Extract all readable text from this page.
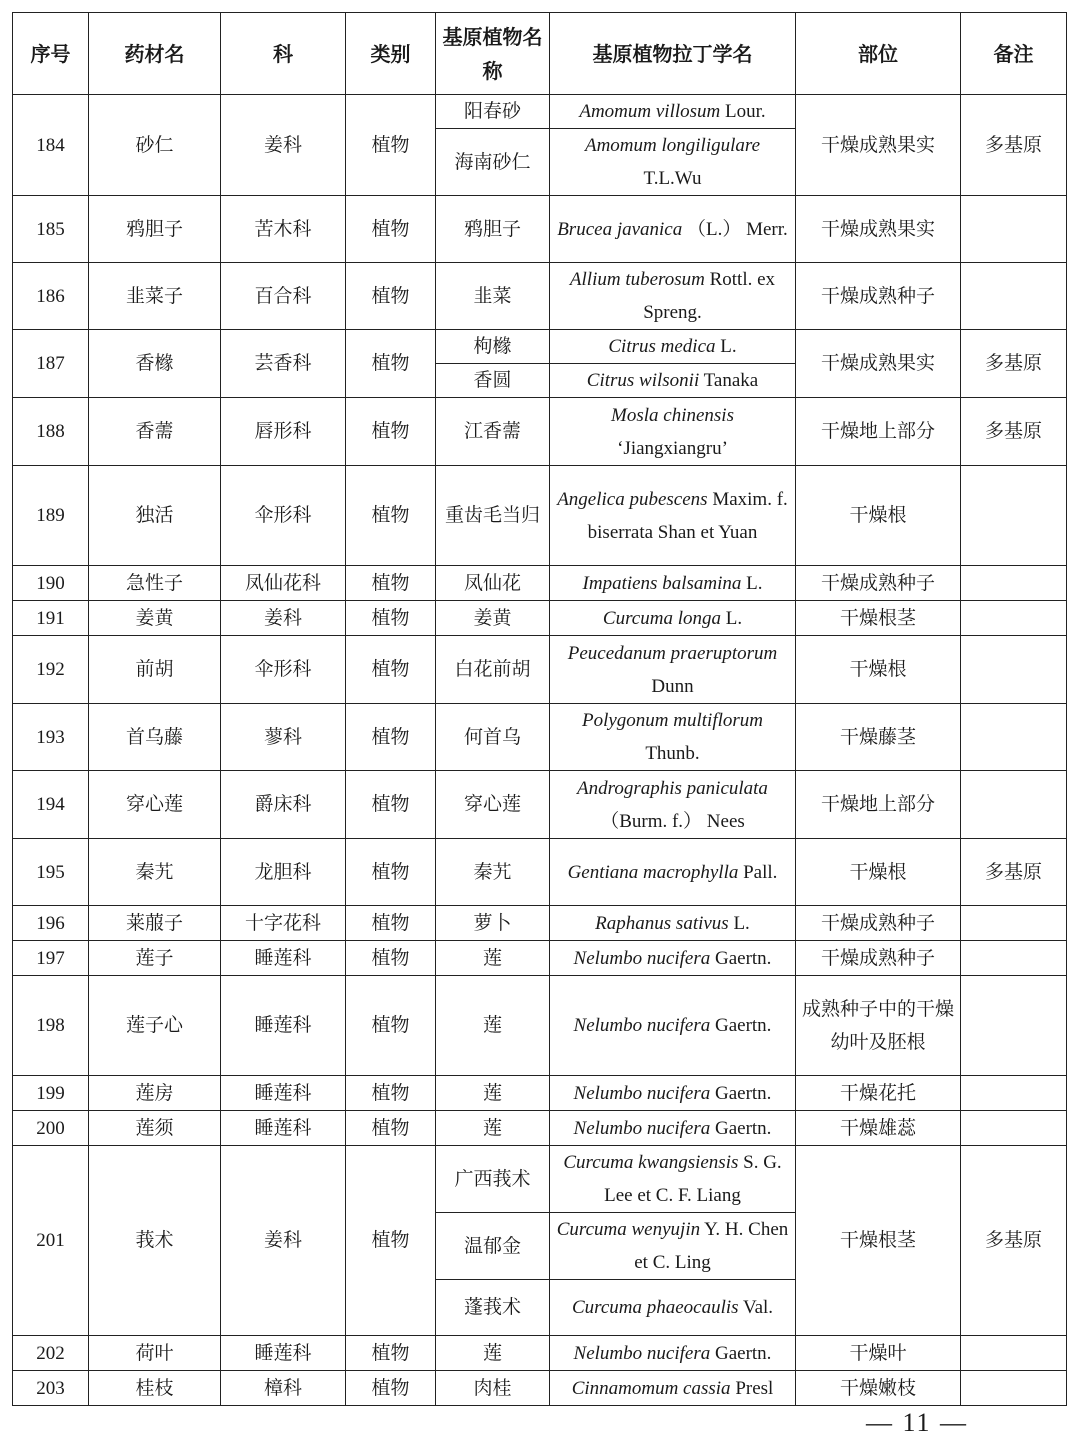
序号	药材名	科	类别	基原植物名称	基原植物拉丁学名	部位	备注
184	砂仁	姜科	植物	阳春砂	Amomum villosum Lour.	干燥成熟果实	多基原
				海南砂仁	Amomum longiligulare T.L.Wu		
185	鸦胆子	苦木科	植物	鸦胆子	Brucea javanica （L.） Merr.	干燥成熟果实	
186	韭菜子	百合科	植物	韭菜	Allium tuberosum Rottl. ex Spreng.	干燥成熟种子	
187	香橼	芸香科	植物	枸橼	Citrus medica L.	干燥成熟果实	多基原
				香圆	Citrus wilsonii Tanaka		
188	香薷	唇形科	植物	江香薷	Mosla chinensis ‘Jiangxiangru’	干燥地上部分	多基原
189	独活	伞形科	植物	重齿毛当归	Angelica pubescens Maxim. f. biserrata Shan et Yuan	干燥根	
190	急性子	凤仙花科	植物	凤仙花	Impatiens balsamina L.	干燥成熟种子	
191	姜黄	姜科	植物	姜黄	Curcuma longa L.	干燥根茎	
192	前胡	伞形科	植物	白花前胡	Peucedanum praeruptorum Dunn	干燥根	
193	首乌藤	蓼科	植物	何首乌	Polygonum multiflorum Thunb.	干燥藤茎	
194	穿心莲	爵床科	植物	穿心莲	Andrographis paniculata （Burm. f.） Nees	干燥地上部分	
195	秦艽	龙胆科	植物	秦艽	Gentiana macrophylla Pall.	干燥根	多基原
196	莱菔子	十字花科	植物	萝卜	Raphanus sativus L.	干燥成熟种子	
197	莲子	睡莲科	植物	莲	Nelumbo nucifera Gaertn.	干燥成熟种子	
198	莲子心	睡莲科	植物	莲	Nelumbo nucifera Gaertn.	成熟种子中的干燥幼叶及胚根	
199	莲房	睡莲科	植物	莲	Nelumbo nucifera Gaertn.	干燥花托	
200	莲须	睡莲科	植物	莲	Nelumbo nucifera Gaertn.	干燥雄蕊	
201	莪术	姜科	植物	广西莪术	Curcuma kwangsiensis S. G. Lee et C. F. Liang	干燥根茎	多基原
				温郁金	Curcuma wenyujin Y. H. Chen et C. Ling		
				蓬莪术	Curcuma phaeocaulis Val.		
202	荷叶	睡莲科	植物	莲	Nelumbo nucifera Gaertn.	干燥叶	
203	桂枝	樟科	植物	肉桂	Cinnamomum cassia Presl	干燥嫩枝	
— 11 —
